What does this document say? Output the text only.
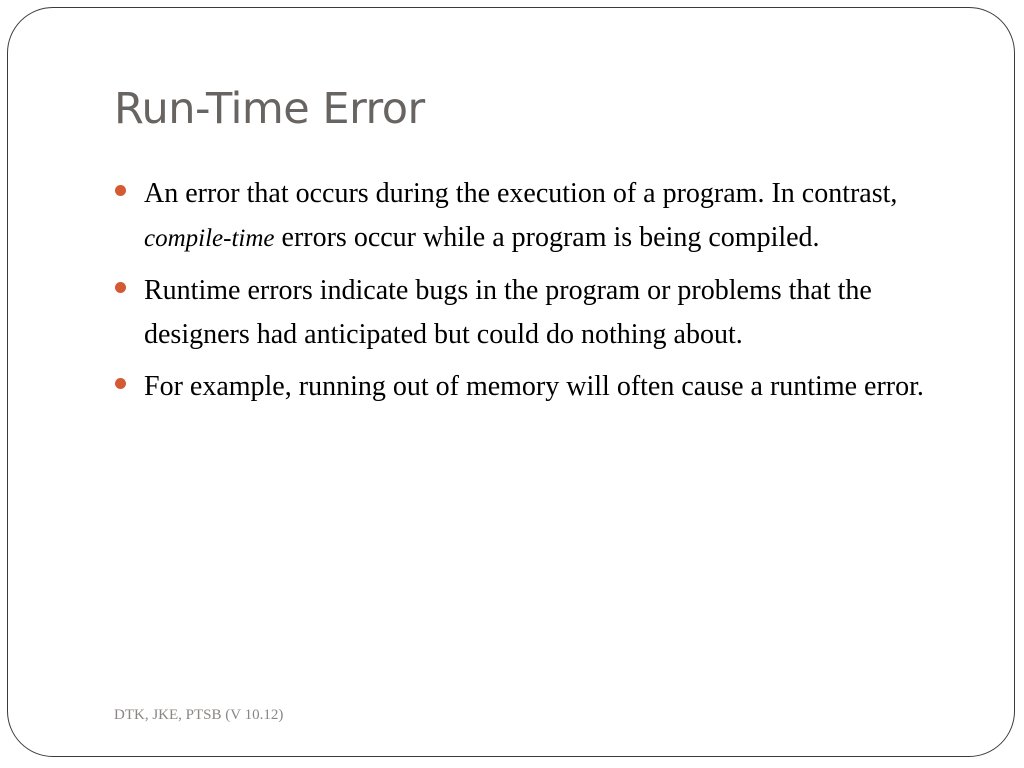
Run-Time Error
An error that occurs during the execution of a program. In contrast, compile-time errors occur while a program is being compiled.
Runtime errors indicate bugs in the program or problems that the designers had anticipated but could do nothing about.
For example, running out of memory will often cause a runtime error.
DTK, JKE, PTSB (V 10.12)
